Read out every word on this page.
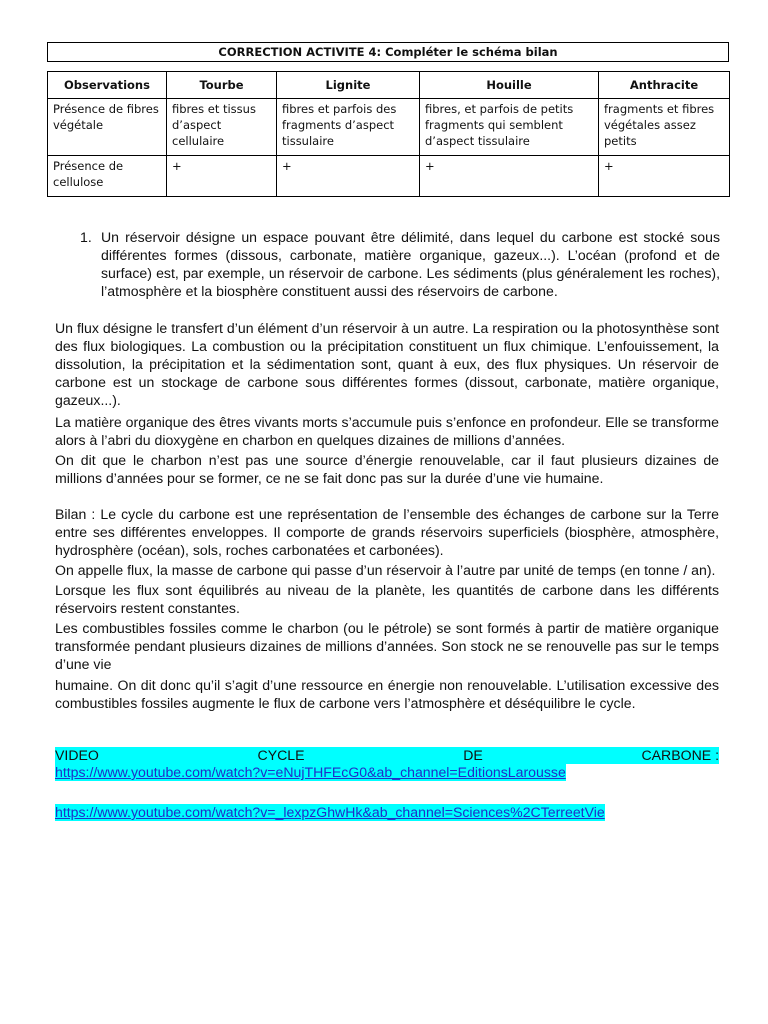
CORRECTION ACTIVITE 4: Compléter le schéma bilan
Observations	Tourbe	Lignite	Houille	Anthracite
Présence de fibres végétale	fibres et tissus d’aspect cellulaire	fibres et parfois des fragments d’aspect tissulaire	fibres, et parfois de petits fragments qui semblent d’aspect tissulaire	fragments et fibres végétales assez petits
Présence de cellulose	+	+	+	+
1. Un réservoir désigne un espace pouvant être délimité, dans lequel du carbone est stocké sous différentes formes (dissous, carbonate, matière organique, gazeux...). L’océan (profond et de surface) est, par exemple, un réservoir de carbone. Les sédiments (plus généralement les roches), l’atmosphère et la biosphère constituent aussi des réservoirs de carbone.

Un flux désigne le transfert d’un élément d’un réservoir à un autre. La respiration ou la photosynthèse sont des flux biologiques. La combustion ou la précipitation constituent un flux chimique. L’enfouissement, la dissolution, la précipitation et la sédimentation sont, quant à eux, des flux physiques. Un réservoir de carbone est un stockage de carbone sous différentes formes (dissout, carbonate, matière organique, gazeux...).

La matière organique des êtres vivants morts s’accumule puis s’enfonce en profondeur. Elle se transforme alors à l’abri du dioxygène en charbon en quelques dizaines de millions d’années.

On dit que le charbon n’est pas une source d’énergie renouvelable, car il faut plusieurs dizaines de millions d’années pour se former, ce ne se fait donc pas sur la durée d’une vie humaine.

Bilan : Le cycle du carbone est une représentation de l’ensemble des échanges de carbone sur la Terre entre ses différentes enveloppes. Il comporte de grands réservoirs superficiels (biosphère, atmosphère, hydrosphère (océan), sols, roches carbonatées et carbonées).

On appelle flux, la masse de carbone qui passe d’un réservoir à l’autre par unité de temps (en tonne / an).

Lorsque les flux sont équilibrés au niveau de la planète, les quantités de carbone dans les différents réservoirs restent constantes.

Les combustibles fossiles comme le charbon (ou le pétrole) se sont formés à partir de matière organique transformée pendant plusieurs dizaines de millions d’années. Son stock ne se renouvelle pas sur le temps d’une vie

humaine. On dit donc qu’il s’agit d’une ressource en énergie non renouvelable. L’utilisation excessive des combustibles fossiles augmente le flux de carbone vers l’atmosphère et déséquilibre le cycle.

VIDEO	CYCLE	DE	CARBONE :
https://www.youtube.com/watch?v=eNujTHFEcG0&ab_channel=EditionsLarousse
https://www.youtube.com/watch?v=_lexpzGhwHk&ab_channel=Sciences%2CTerreetVie
